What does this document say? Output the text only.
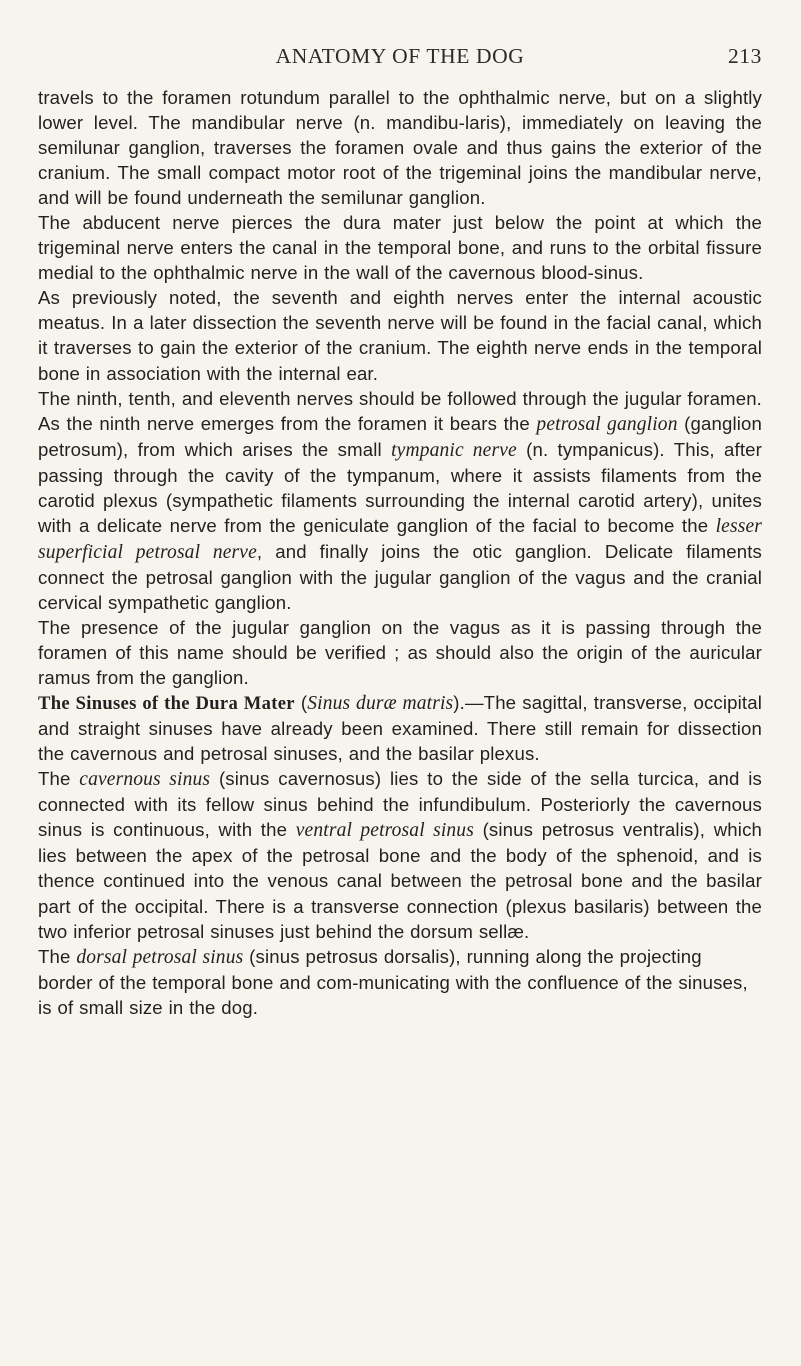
ANATOMY OF THE DOG	213

travels to the foramen rotundum parallel to the ophthalmic nerve, but on a slightly lower level. The mandibular nerve (n. mandibu-laris), immediately on leaving the semilunar ganglion, traverses the foramen ovale and thus gains the exterior of the cranium. The small compact motor root of the trigeminal joins the mandibular nerve, and will be found underneath the semilunar ganglion.

The abducent nerve pierces the dura mater just below the point at which the trigeminal nerve enters the canal in the temporal bone, and runs to the orbital fissure medial to the ophthalmic nerve in the wall of the cavernous blood-sinus.

As previously noted, the seventh and eighth nerves enter the internal acoustic meatus. In a later dissection the seventh nerve will be found in the facial canal, which it traverses to gain the exterior of the cranium. The eighth nerve ends in the temporal bone in association with the internal ear.

The ninth, tenth, and eleventh nerves should be followed through the jugular foramen. As the ninth nerve emerges from the foramen it bears the petrosal ganglion (ganglion petrosum), from which arises the small tympanic nerve (n. tympanicus). This, after passing through the cavity of the tympanum, where it assists filaments from the carotid plexus (sympathetic filaments surrounding the internal carotid artery), unites with a delicate nerve from the geniculate ganglion of the facial to become the lesser superficial petrosal nerve, and finally joins the otic ganglion. Delicate filaments connect the petrosal ganglion with the jugular ganglion of the vagus and the cranial cervical sympathetic ganglion.

The presence of the jugular ganglion on the vagus as it is passing through the foramen of this name should be verified ; as should also the origin of the auricular ramus from the ganglion.

The Sinuses of the Dura Mater (Sinus duræ matris).—The sagittal, transverse, occipital and straight sinuses have already been examined. There still remain for dissection the cavernous and petrosal sinuses, and the basilar plexus.

The cavernous sinus (sinus cavernosus) lies to the side of the sella turcica, and is connected with its fellow sinus behind the infundibulum. Posteriorly the cavernous sinus is continuous, with the ventral petrosal sinus (sinus petrosus ventralis), which lies between the apex of the petrosal bone and the body of the sphenoid, and is thence continued into the venous canal between the petrosal bone and the basilar part of the occipital. There is a transverse connection (plexus basilaris) between the two inferior petrosal sinuses just behind the dorsum sellæ.

The dorsal petrosal sinus (sinus petrosus dorsalis), running along the projecting border of the temporal bone and com-municating with the confluence of the sinuses, is of small size in the dog.
